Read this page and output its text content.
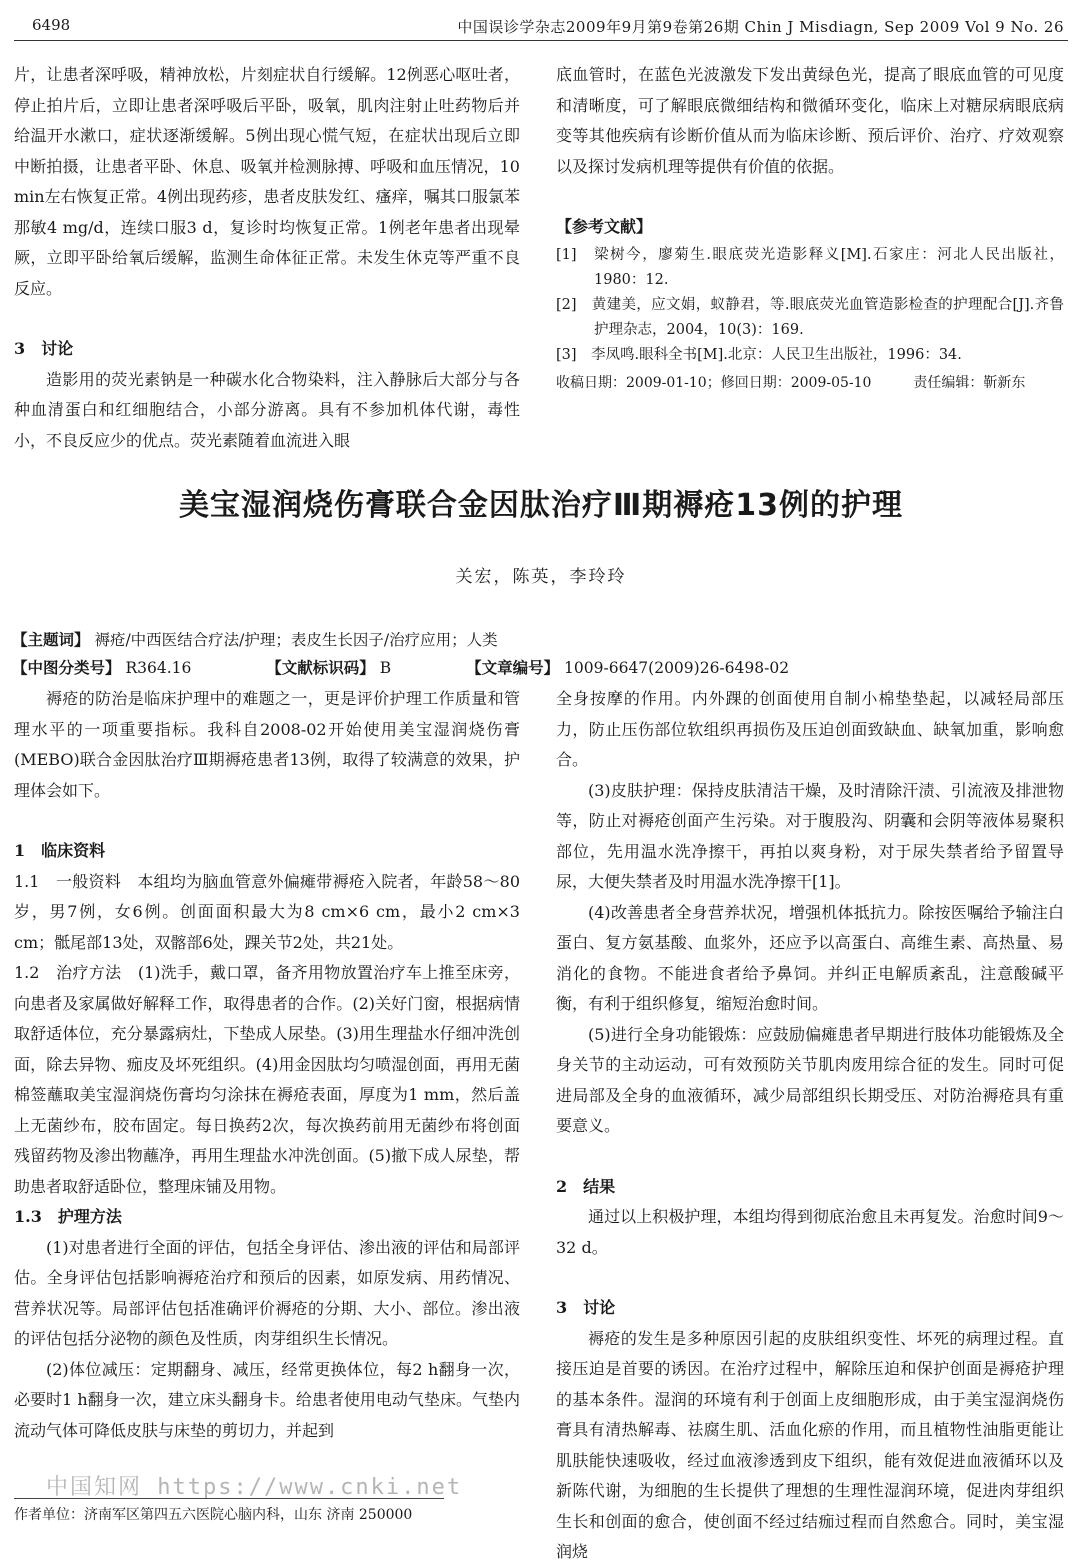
6498	中国误诊学杂志2009年9月第9卷第26期 Chin J Misdiagn, Sep 2009 Vol 9 No. 26

片，让患者深呼吸，精神放松，片刻症状自行缓解。12例恶心呕吐者，停止拍片后，立即让患者深呼吸后平卧，吸氧，肌肉注射止吐药物后并给温开水漱口，症状逐渐缓解。5例出现心慌气短，在症状出现后立即中断拍摄，让患者平卧、休息、吸氧并检测脉搏、呼吸和血压情况，10 min左右恢复正常。4例出现药疹，患者皮肤发红、瘙痒，嘱其口服氯苯那敏4 mg/d，连续口服3 d，复诊时均恢复正常。1例老年患者出现晕厥，立即平卧给氧后缓解，监测生命体征正常。未发生休克等严重不良反应。

3　讨论

造影用的荧光素钠是一种碳水化合物染料，注入静脉后大部分与各种血清蛋白和红细胞结合，小部分游离。具有不参加机体代谢，毒性小，不良反应少的优点。荧光素随着血流进入眼

底血管时，在蓝色光波激发下发出黄绿色光，提高了眼底血管的可见度和清晰度，可了解眼底微细结构和微循环变化，临床上对糖尿病眼底病变等其他疾病有诊断价值从而为临床诊断、预后评价、治疗、疗效观察以及探讨发病机理等提供有价值的依据。

【参考文献】

[1]　梁树今，廖菊生.眼底荧光造影释义[M].石家庄：河北人民出版社，1980：12.

[2]　黄建美，应文娟，蚁静君，等.眼底荧光血管造影检查的护理配合[J].齐鲁护理杂志，2004，10(3)：169.

[3]　李凤鸣.眼科全书[M].北京：人民卫生出版社，1996：34.

收稿日期：2009-01-10；修回日期：2009-05-10　　　责任编辑：靳新东

美宝湿润烧伤膏联合金因肽治疗Ⅲ期褥疮13例的护理

关宏，陈英，李玲玲

【主题词】 褥疮/中西医结合疗法/护理；表皮生长因子/治疗应用；人类

【中图分类号】 R364.16	【文献标识码】 B	【文章编号】 1009-6647(2009)26-6498-02

褥疮的防治是临床护理中的难题之一，更是评价护理工作质量和管理水平的一项重要指标。我科自2008-02开始使用美宝湿润烧伤膏(MEBO)联合金因肽治疗Ⅲ期褥疮患者13例，取得了较满意的效果，护理体会如下。

1　临床资料

1.1　一般资料　本组均为脑血管意外偏瘫带褥疮入院者，年龄58～80岁，男7例，女6例。创面面积最大为8 cm×6 cm，最小2 cm×3 cm；骶尾部13处，双髂部6处，踝关节2处，共21处。

1.2　治疗方法　(1)洗手，戴口罩，备齐用物放置治疗车上推至床旁，向患者及家属做好解释工作，取得患者的合作。(2)关好门窗，根据病情取舒适体位，充分暴露病灶，下垫成人尿垫。(3)用生理盐水仔细冲洗创面，除去异物、痂皮及坏死组织。(4)用金因肽均匀喷湿创面，再用无菌棉签蘸取美宝湿润烧伤膏均匀涂抹在褥疮表面，厚度为1 mm，然后盖上无菌纱布，胶布固定。每日换药2次，每次换药前用无菌纱布将创面残留药物及渗出物蘸净，再用生理盐水冲洗创面。(5)撤下成人尿垫，帮助患者取舒适卧位，整理床铺及用物。

1.3　护理方法

(1)对患者进行全面的评估，包括全身评估、渗出液的评估和局部评估。全身评估包括影响褥疮治疗和预后的因素，如原发病、用药情况、营养状况等。局部评估包括准确评价褥疮的分期、大小、部位。渗出液的评估包括分泌物的颜色及性质，肉芽组织生长情况。

(2)体位减压：定期翻身、减压，经常更换体位，每2 h翻身一次，必要时1 h翻身一次，建立床头翻身卡。给患者使用电动气垫床。气垫内流动气体可降低皮肤与床垫的剪切力，并起到

全身按摩的作用。内外踝的创面使用自制小棉垫垫起，以减轻局部压力，防止压伤部位软组织再损伤及压迫创面致缺血、缺氧加重，影响愈合。

(3)皮肤护理：保持皮肤清洁干燥，及时清除汗渍、引流液及排泄物等，防止对褥疮创面产生污染。对于腹股沟、阴囊和会阴等液体易聚积部位，先用温水洗净擦干，再拍以爽身粉，对于尿失禁者给予留置导尿，大便失禁者及时用温水洗净擦干[1]。

(4)改善患者全身营养状况，增强机体抵抗力。除按医嘱给予输注白蛋白、复方氨基酸、血浆外，还应予以高蛋白、高维生素、高热量、易消化的食物。不能进食者给予鼻饲。并纠正电解质紊乱，注意酸碱平衡，有利于组织修复，缩短治愈时间。

(5)进行全身功能锻炼：应鼓励偏瘫患者早期进行肢体功能锻炼及全身关节的主动运动，可有效预防关节肌肉废用综合征的发生。同时可促进局部及全身的血液循环，减少局部组织长期受压、对防治褥疮具有重要意义。

2　结果

通过以上积极护理，本组均得到彻底治愈且未再复发。治愈时间9～32 d。

3　讨论

褥疮的发生是多种原因引起的皮肤组织变性、坏死的病理过程。直接压迫是首要的诱因。在治疗过程中，解除压迫和保护创面是褥疮护理的基本条件。湿润的环境有利于创面上皮细胞形成，由于美宝湿润烧伤膏具有清热解毒、祛腐生肌、活血化瘀的作用，而且植物性油脂更能让肌肤能快速吸收，经过血液渗透到皮下组织，能有效促进血液循环以及新陈代谢，为细胞的生长提供了理想的生理性湿润环境，促进肉芽组织生长和创面的愈合，使创面不经过结痂过程而自然愈合。同时，美宝湿润烧

中国知网 https://www.cnki.net

作者单位：济南军区第四五六医院心脑内科，山东 济南 250000
